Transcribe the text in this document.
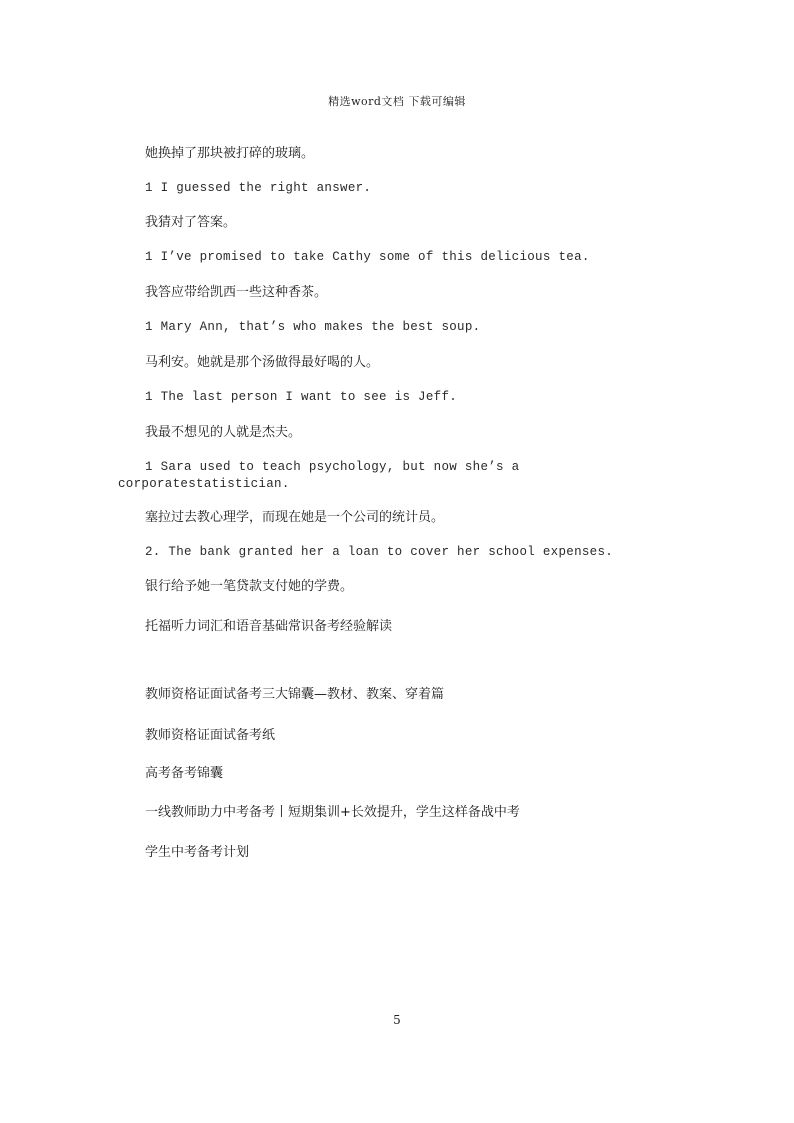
精选word文档 下载可编辑
她换掉了那块被打碎的玻璃。
1 I guessed the right answer.
我猜对了答案。
1 I’ve promised to take Cathy some of this delicious tea.
我答应带给凯西一些这种香茶。
1 Mary Ann, that’s who makes the best soup.
马利安。她就是那个汤做得最好喝的人。
1 The last person I want to see is Jeff.
我最不想见的人就是杰夫。
1 Sara used to teach psychology, but now she’s a
corporatestatistician.
塞拉过去教心理学，而现在她是一个公司的统计员。
2. The bank granted her a loan to cover her school expenses.
银行给予她一笔贷款支付她的学费。
托福听力词汇和语音基础常识备考经验解读
教师资格证面试备考三大锦囊—教材、教案、穿着篇
教师资格证面试备考纸
高考备考锦囊
一线教师助力中考备考丨短期集训+长效提升，学生这样备战中考
学生中考备考计划
5
